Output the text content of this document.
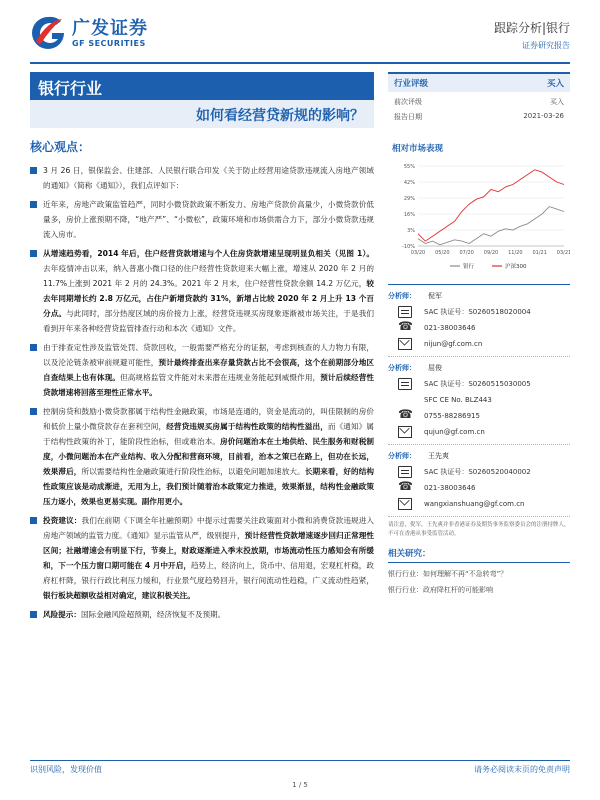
广发证券
GF SECURITIES
跟踪分析|银行
证券研究报告
银行行业
如何看经营贷新规的影响？
核心观点：
3 月 26 日，银保监会、住建部、人民银行联合印发《关于防止经营用途贷款违规流入房地产领域的通知》（简称《通知》），我们点评如下：
近年来，房地产政策监管趋严，同时小微贷款政策不断发力、房地产贷款价高量少，小微贷款价低量多，房价上涨预期不降，“地产严”、“小微松”，政策环境和市场供需合力下，部分小微贷款违规流入房市。
从增速趋势看，2014 年后，住户经营贷款增速与个人住房贷款增速呈现明显负相关（见图 1）。去年疫情冲击以来，纳入普惠小微口径的住户经营性贷款迎来大幅上涨，增速从 2020 年 2 月的 11.7%上涨到 2021 年 2 月的 24.3%。2021 年 2 月末，住户经营性贷款余额 14.2 万亿元，较去年同期增长约 2.8 万亿元，占住户新增贷款约 31%，新增占比较 2020 年 2 月上升 13 个百分点。与此同时，部分热度区域的房价接力上涨，经营贷违规买房现象逐渐被市场关注，于是我们看到开年来各种经营贷监管排查行动和本次《通知》文件。
由于排查定性涉及监管处罚、贷款回收，一般需要严格充分的证据，考虑到核查的人力物力有限，以及沦沦链条被审前规避可能性，预计最终排查出来存量贷款占比不会很高，这个在前期部分地区自查结果上也有体现。但高规格监管文件能对未来潜在违规业务能起到威慑作用，预计后续经营性贷款增速将回落至理性正常水平。
控制房贷和鼓励小微贷款都属于结构性金融政策，市场是连通的，资金是流动的，叫佳限制的房价和低价上量小微贷款存在套利空间，经营贷违规买房属于结构性政策的结构性溢出，而《通知》属于结构性政策的补丁，能阶段性治标，但或难治本。房价问题治本在土地供给、民生服务和财税制度，小微问题治本在产业结构、收入分配和营商环境，目前看，治本之策已在路上，但功在长远，效果滞后，所以需要结构性金融政策进行阶段性治标，以避免问题加速放大。长期来看，好的结构性政策应该是动成渐进，无用为上，我们预计随着治本政策定力推进，效果渐显，结构性金融政策压力逐小，效果也更易实现。副作用更小。
投资建议：我们在前期《下调全年社融预期》中提示过需要关注政策面对小微和消费贷款违规进入房地产领域的监管力度。《通知》显示监管从严，级别提升，预计经营性贷款增速逐步回归正常理性区间；社融增速会有明显下行，节奏上，财政逐渐进入季末投放期，市场流动性压力感知会有所缓和，下一个压力窗口期可能在 4 月中开启，趋势上，经济向上，货币中、信用退，宏观杠杆稳，政府杠杆降，银行行政比利压力缓和，行业景气度趋势回升，银行间流动性趋稳，广义流动性趋紧，银行板块超额收益相对确定，建议积极关注。
风险提示：国际金融风险超预期，经济恢复不及预期。
行业评级	买入
前次评级	买入
报告日期	2021-03-26
相对市场表现
-10%
3%
16%
29%
42%
55%
03/20 05/20 07/20 09/20 11/20 01/21 03/21
银行	沪深300
分析师：	倪军
SAC 执证号：S0260518020004
☎
021-38003646
nijun@gf.com.cn
分析师：	屈俊
SAC 执证号：S0260515030005
SFC CE No. BLZ443
☎
0755-88286915
qujun@gf.com.cn
分析师：	王先爽
SAC 执证号：S0260520040002
☎
021-38003646
wangxianshuang@gf.com.cn
请注意，倪军，王先爽并非香港证券及期货事务监察委员会的注册持牌人，不可在香港从事受监管活动。
相关研究：
银行行业：如何理解不再“不急转弯”？
银行行业：政府降杠杆的可能影响
识别风险，发现价值	请务必阅读末页的免责声明
1 / 5
